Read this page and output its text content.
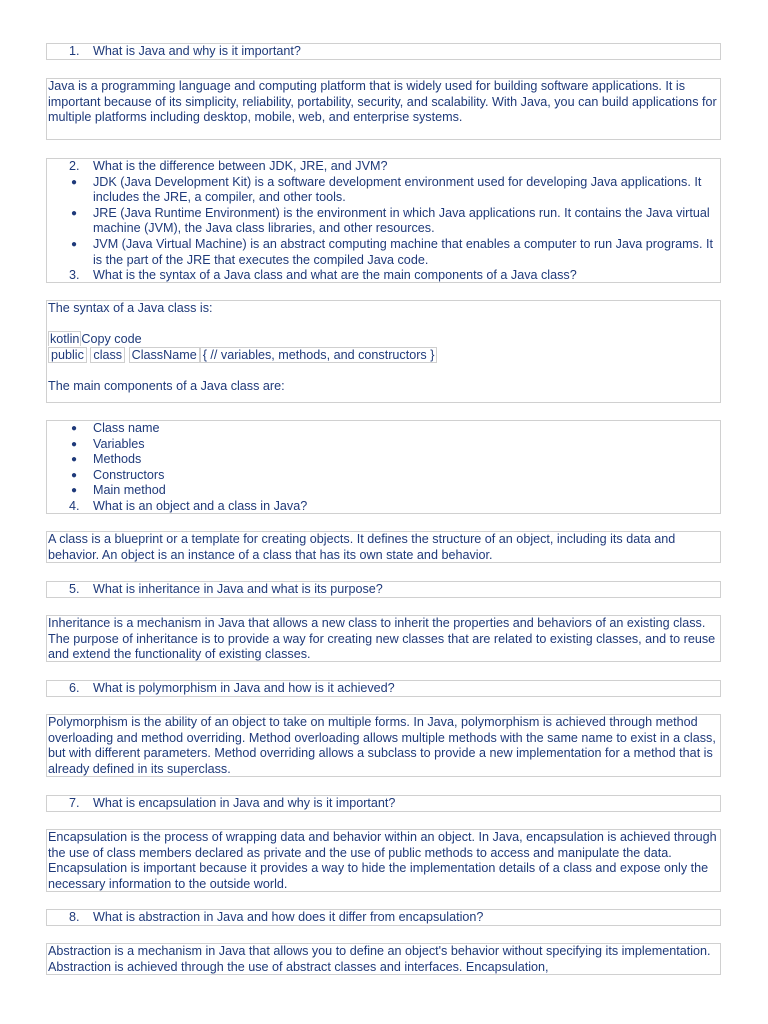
1. What is Java and why is it important?
Java is a programming language and computing platform that is widely used for building software applications. It is important because of its simplicity, reliability, portability, security, and scalability. With Java, you can build applications for multiple platforms including desktop, mobile, web, and enterprise systems.
2. What is the difference between JDK, JRE, and JVM?
● JDK (Java Development Kit) is a software development environment used for developing Java applications. It includes the JRE, a compiler, and other tools.
● JRE (Java Runtime Environment) is the environment in which Java applications run. It contains the Java virtual machine (JVM), the Java class libraries, and other resources.
● JVM (Java Virtual Machine) is an abstract computing machine that enables a computer to run Java programs. It is the part of the JRE that executes the compiled Java code.
3. What is the syntax of a Java class and what are the main components of a Java class?
The syntax of a Java class is:
kotlin Copy code
public class ClassName { // variables, methods, and constructors }
The main components of a Java class are:
● Class name
● Variables
● Methods
● Constructors
● Main method
4. What is an object and a class in Java?
A class is a blueprint or a template for creating objects. It defines the structure of an object, including its data and behavior. An object is an instance of a class that has its own state and behavior.
5. What is inheritance in Java and what is its purpose?
Inheritance is a mechanism in Java that allows a new class to inherit the properties and behaviors of an existing class. The purpose of inheritance is to provide a way for creating new classes that are related to existing classes, and to reuse and extend the functionality of existing classes.
6. What is polymorphism in Java and how is it achieved?
Polymorphism is the ability of an object to take on multiple forms. In Java, polymorphism is achieved through method overloading and method overriding. Method overloading allows multiple methods with the same name to exist in a class, but with different parameters. Method overriding allows a subclass to provide a new implementation for a method that is already defined in its superclass.
7. What is encapsulation in Java and why is it important?
Encapsulation is the process of wrapping data and behavior within an object. In Java, encapsulation is achieved through the use of class members declared as private and the use of public methods to access and manipulate the data. Encapsulation is important because it provides a way to hide the implementation details of a class and expose only the necessary information to the outside world.
8. What is abstraction in Java and how does it differ from encapsulation?
Abstraction is a mechanism in Java that allows you to define an object's behavior without specifying its implementation. Abstraction is achieved through the use of abstract classes and interfaces. Encapsulation,
